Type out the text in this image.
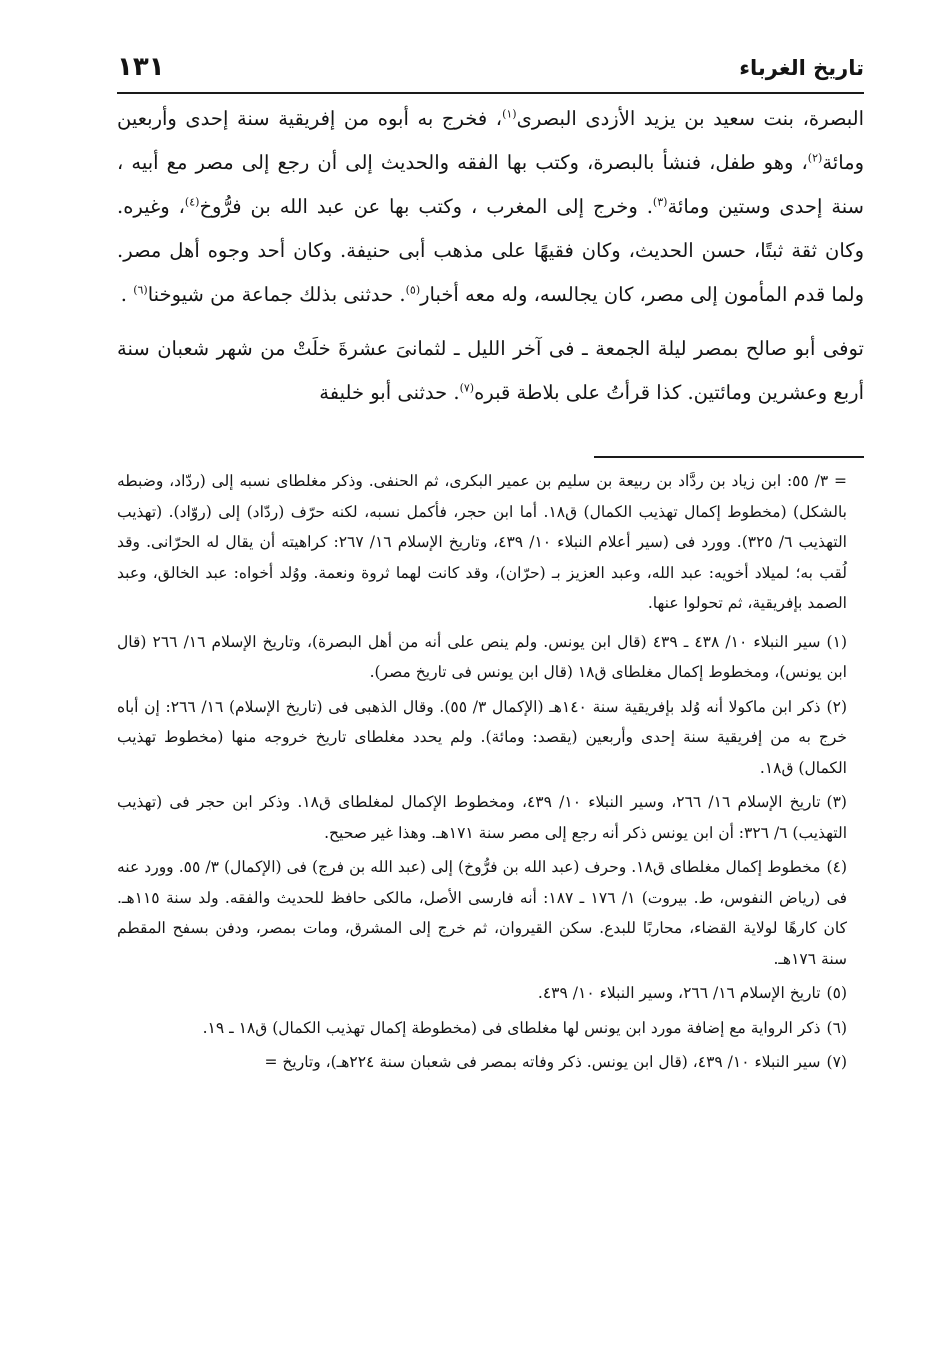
تاريخ الغرباء
١٣١

البصرة، بنت سعيد بن يزيد الأزدى البصرى$^{(١)}$، فخرج به أبوه من إفريقية سنة إحدى وأربعين ومائة$^{(٢)}$، وهو طفل، فنشأ بالبصرة، وكتب بها الفقه والحديث إلى أن رجع إلى مصر مع أبيه ، سنة إحدى وستين ومائة$^{(٣)}$. وخرج إلى المغرب ، وكتب بها عن عبد الله بن فرُّوخ$^{(٤)}$، وغيره. وكان ثقة ثبتًا، حسن الحديث، وكان فقيهًا على مذهب أبى حنيفة. وكان أحد وجوه أهل مصر. ولما قدم المأمون إلى مصر، كان يجالسه، وله معه أخبار$^{(٥)}$. حدثنى بذلك جماعة من شيوخنا$^{(٦)}$ .

توفى أبو صالح بمصر ليلة الجمعة ـ فى آخر الليل ـ لثمانىَ عشرةَ خلَتْ من شهر شعبان سنة أربع وعشرين ومائتين. كذا قرأتُ على بلاطة قبره$^{(٧)}$. حدثنى أبو خليفة

= ٣/ ٥٥: ابن زياد بن ردَّاد بن ربيعة بن سليم بن عمير البكرى، ثم الحنفى. وذكر مغلطاى نسبه إلى (ردّاد، وضبطه بالشكل) (مخطوط إكمال تهذيب الكمال) ق١٨. أما ابن حجر، فأكمل نسبه، لكنه حرّف (ردّاد) إلى (روّاد). (تهذيب التهذيب ٦/ ٣٢٥). وورد فى (سير أعلام النبلاء ١٠/ ٤٣٩، وتاريخ الإسلام ١٦/ ٢٦٧: كراهيته أن يقال له الحرّانى. وقد لُقب به؛ لميلاد أخويه: عبد الله، وعبد العزيز بـ (حرّان)، وقد كانت لهما ثروة ونعمة. ووُلد أخواه: عبد الخالق، وعبد الصمد بإفريقية، ثم تحولوا عنها.

(١)سير النبلاء ١٠/ ٤٣٨ ـ ٤٣٩ (قال ابن يونس. ولم ينص على أنه من أهل البصرة)، وتاريخ الإسلام ١٦/ ٢٦٦ (قال ابن يونس)، ومخطوط إكمال مغلطاى ق١٨ (قال ابن يونس فى تاريخ مصر).

(٢)ذكر ابن ماكولا أنه وُلد بإفريقية سنة ١٤٠هـ (الإكمال ٣/ ٥٥). وقال الذهبى فى (تاريخ الإسلام) ١٦/ ٢٦٦: إن أباه خرج به من إفريقية سنة إحدى وأربعين (يقصد: ومائة). ولم يحدد مغلطاى تاريخ خروجه منها (مخطوط تهذيب الكمال) ق١٨.

(٣)تاريخ الإسلام ١٦/ ٢٦٦، وسير النبلاء ١٠/ ٤٣٩، ومخطوط الإكمال لمغلطاى ق١٨. وذكر ابن حجر فى (تهذيب التهذيب) ٦/ ٣٢٦: أن ابن يونس ذكر أنه رجع إلى مصر سنة ١٧١هـ. وهذا غير صحيح.

(٤)مخطوط إكمال مغلطاى ق١٨. وحرف (عبد الله بن فرُّوخ) إلى (عبد الله بن فرج) فى (الإكمال) ٣/ ٥٥. وورد عنه فى (رياض النفوس، ط. بيروت) ١/ ١٧٦ ـ ١٨٧: أنه فارسى الأصل، مالكى حافظ للحديث والفقه. ولد سنة ١١٥هـ. كان كارهًا لولاية القضاء، محاربًا للبدع. سكن القيروان، ثم خرج إلى المشرق، ومات بمصر، ودفن بسفح المقطم سنة ١٧٦هـ.

(٥)تاريخ الإسلام ١٦/ ٢٦٦، وسير النبلاء ١٠/ ٤٣٩.

(٦)ذكر الرواية مع إضافة مورد ابن يونس لها مغلطاى فى (مخطوطة إكمال تهذيب الكمال) ق١٨ ـ ١٩.

(٧)سير النبلاء ١٠/ ٤٣٩، (قال ابن يونس. ذكر وفاته بمصر فى شعبان سنة ٢٢٤هـ)، وتاريخ =
